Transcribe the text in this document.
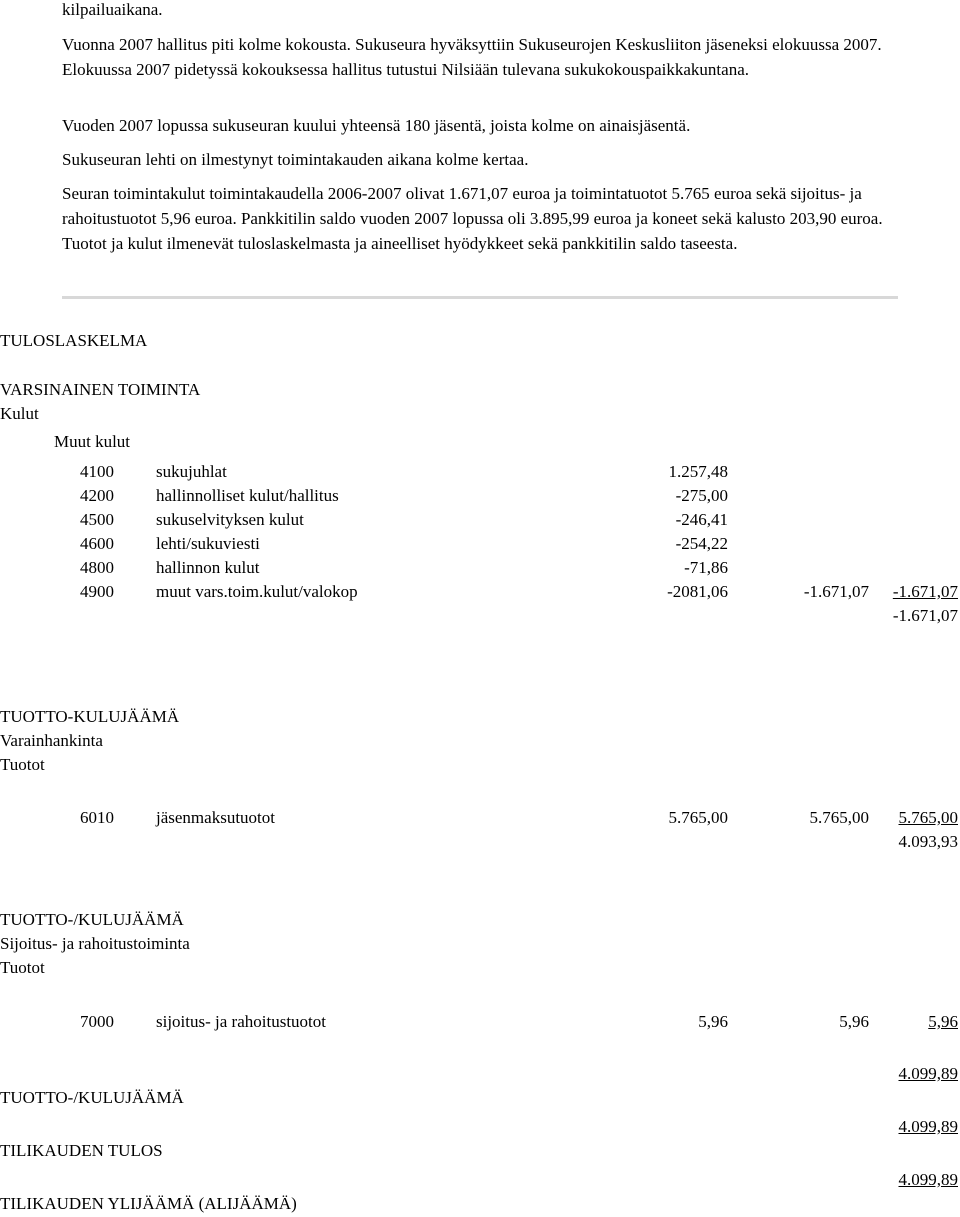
kilpailuaikana.

Vuonna 2007 hallitus piti kolme kokousta. Sukuseura hyväksyttiin Sukuseurojen Keskusliiton jäseneksi elokuussa 2007. Elokuussa 2007 pidetyssä kokouksessa hallitus tutustui Nilsiään tulevana sukukokouspaikkakuntana.

Vuoden 2007 lopussa sukuseuran kuului yhteensä 180 jäsentä, joista kolme on ainaisjäsentä.

Sukuseuran lehti on ilmestynyt toimintakauden aikana kolme kertaa.

Seuran toimintakulut toimintakaudella 2006-2007 olivat 1.671,07 euroa ja toimintatuotot 5.765 euroa sekä sijoitus- ja rahoitustuotot 5,96 euroa. Pankkitilin saldo vuoden 2007 lopussa oli 3.895,99 euroa ja koneet sekä kalusto 203,90 euroa. Tuotot ja kulut ilmenevät tuloslaskelmasta ja aineelliset hyödykkeet sekä pankkitilin saldo taseesta.

TULOSLASKELMA
VARSINAINEN TOIMINTA
Kulut
Muut kulut
4100 sukujuhlat	1.257,48
4200 hallinnolliset kulut/hallitus	-275,00
4500 sukuselvityksen kulut	-246,41
4600 lehti/sukuviesti	-254,22
4800 hallinnon kulut	-71,86
4900 muut vars.toim.kulut/valokop	-2081,06	-1.671,07 -1.671,07
-1.671,07
TUOTTO-KULUJÄÄMÄ
Varainhankinta
Tuotot
6010 jäsenmaksutuotot	5.765,00	5.765,00 5.765,00
4.093,93
TUOTTO-/KULUJÄÄMÄ
Sijoitus- ja rahoitustoiminta
Tuotot
7000 sijoitus- ja rahoitustuotot	5,96	5,96	5,96
4.099,89
TUOTTO-/KULUJÄÄMÄ
4.099,89
TILIKAUDEN TULOS
4.099,89
TILIKAUDEN YLIJÄÄMÄ (ALIJÄÄMÄ)
